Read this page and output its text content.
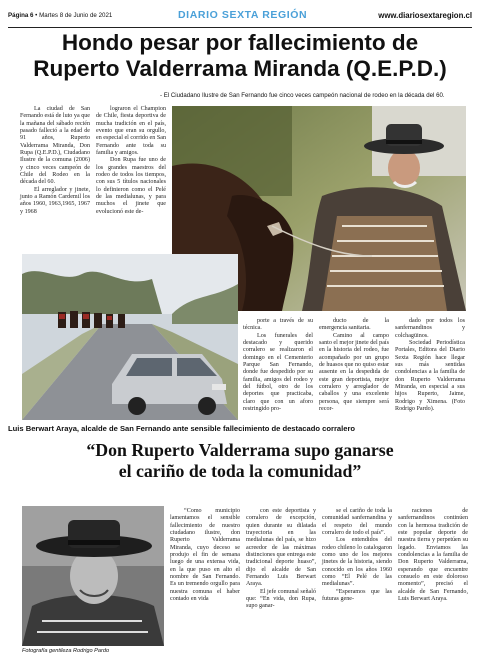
Página 6 • Martes 8 de Junio de 2021	DIARIO SEXTA REGIÓN	www.diariosextaregion.cl
Hondo pesar por fallecimiento de
Ruperto Valderrama Miranda (Q.E.P.D.)
- El Ciudadano Ilustre de San Fernando fue cinco veces campeón nacional de rodeo en la década del 60.

La ciudad de San Fernando está de luto ya que la mañana del sábado recién pasado falleció a la edad de 91 años, Ruperto Valderrama Miranda, Don Rupa (Q.E.P.D.), Ciudadano Ilustre de la comuna (2006) y cinco veces campeón de Chile del Rodeo en la década del 60.

El arreglador y jinete, junto a Ramón Cardemil los años 1960, 1963,1965, 1967 y 1968

lograron el Champion de Chile, fiesta deportiva de mucha tradición en el país, evento que eran su orgullo, en especial el corrido en San Fernando ante toda su familia y amigos.

Don Rupa fue uno de los grandes maestros del rodeo de todos los tiempos, con sus 5 títulos nacionales lo definieron como el Pelé de las medialunas, y para muchos el jinete que evolucionó este de-

porte a través de su técnica.

Los funerales del destacado y querido corralero se realizaron el domingo en el Cementerio Parque San Fernando, donde fue despedido por su familia, amigos del rodeo y del fútbol, otro de los deportes que practicaba, claro que con un aforo restringido pro-

ducto de la emergencia sanitaria.

Camino al campo santo el mejor jinete del país en la historia del rodeo, fue acompañado por un grupo de huasos que no quiso estar ausente en la despedida de este gran deportista, mejor corralero y arreglador de caballos y una excelente persona, que siempre será recor-

dado por todos los sanfernandinos y colchagüinos.

Sociedad Periodística Portales, Editora del Diario Sexta Región hace llegar sus más sentidas condolencias a la familia de don Ruperto Valderrama Miranda, en especial a sus hijos Ruperto, Jaime, Rodrigo y Ximena. (Foto Rodrigo Pardo).

Luis Berwart Araya, alcalde de San Fernando ante sensible fallecimiento de destacado corralero
“Don Ruperto Valderrama supo ganarse
el cariño de toda la comunidad”
Fotografía gentileza Rodrigo Pardo

“Como municipio lamentamos el sensible fallecimiento de nuestro ciudadano ilustre, don Ruperto Valderrama Miranda, cuyo deceso se produjo el fin de semana luego de una extensa vida, en la que puso en alto el nombre de San Fernando. Es un tremendo orgullo para nuestra comuna el haber contado en vida

con este deportista y corralero de excepción, quien durante su dilatada trayectoria en las medialunas del país, se hizo acreedor de las máximas distinciones que entrega este tradicional deporte huaso”, dijo el alcalde de San Fernando Luis Berwart Araya.

El jefe comunal señaló que: “En vida, don Rupa, supo ganar-

se el cariño de toda la comunidad sanfernandina y el respeto del mundo corralero de todo el país”.

Los entendidos del rodeo chileno lo catalogaron como uno de los mejores jinetes de la historia, siendo conocido en los años 1960 como “El Pelé de las medialunas”.

“Esperamos que las futuras gene-

raciones de sanfernandinos continúen con la hermosa tradición de este popular deporte de nuestra tierra y perpetúen su legado. Enviamos las condolencias a la familia de Don Ruperto Valderrama, esperando que encuentre consuelo en este doloroso momento”, precisó el alcalde de San Fernando, Luis Berwart Araya.
